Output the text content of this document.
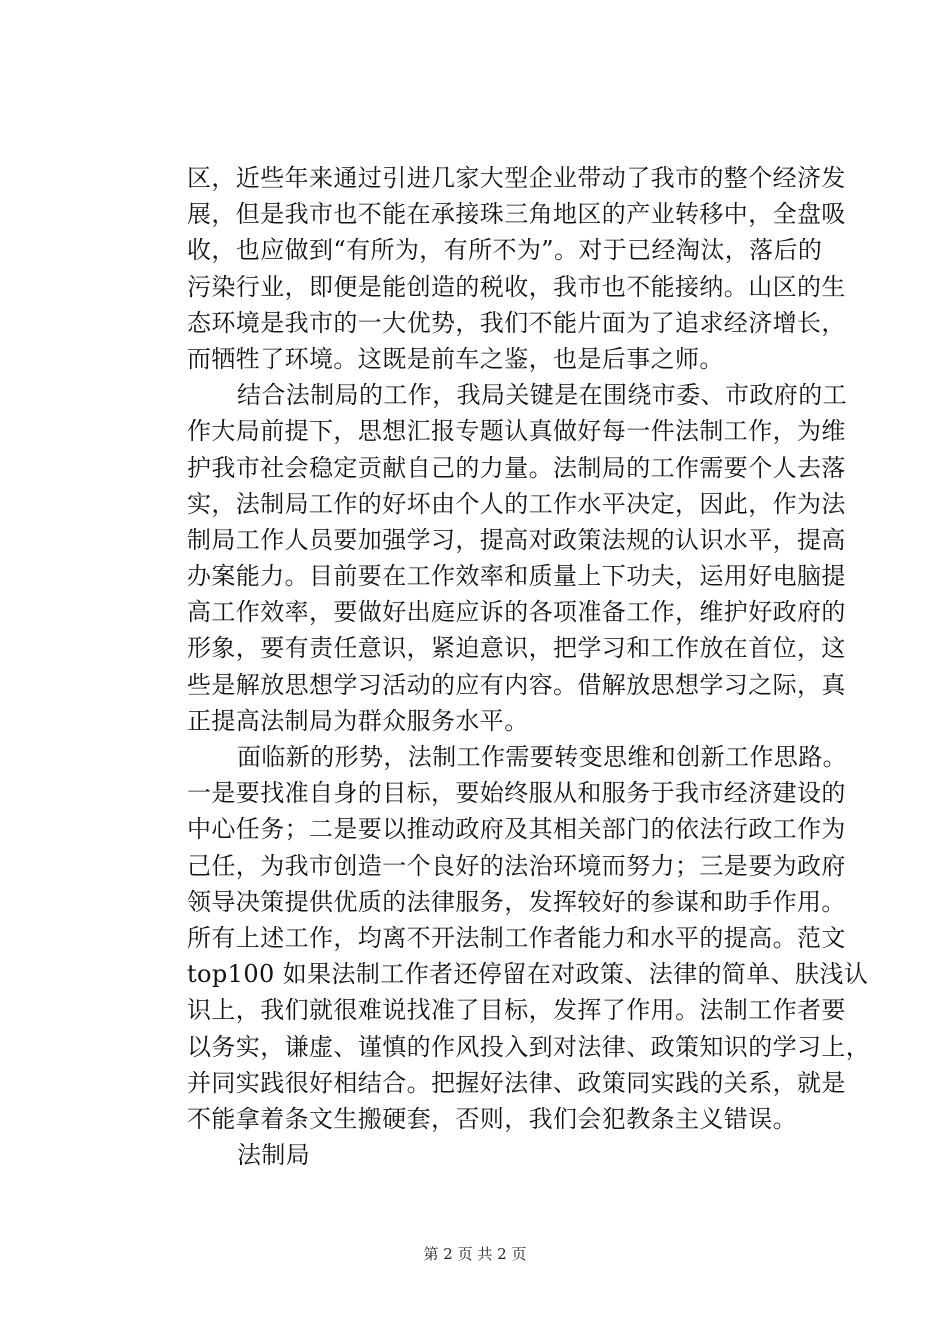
区，近些年来通过引进几家大型企业带动了我市的整个经济发
展，但是我市也不能在承接珠三角地区的产业转移中，全盘吸
收，也应做到“有所为，有所不为”。对于已经淘汰，落后的
污染行业，即便是能创造的税收，我市也不能接纳。山区的生
态环境是我市的一大优势，我们不能片面为了追求经济增长，
而牺牲了环境。这既是前车之鉴，也是后事之师。
结合法制局的工作，我局关键是在围绕市委、市政府的工
作大局前提下，思想汇报专题认真做好每一件法制工作，为维
护我市社会稳定贡献自己的力量。法制局的工作需要个人去落
实，法制局工作的好坏由个人的工作水平决定，因此，作为法
制局工作人员要加强学习，提高对政策法规的认识水平，提高
办案能力。目前要在工作效率和质量上下功夫，运用好电脑提
高工作效率，要做好出庭应诉的各项准备工作，维护好政府的
形象，要有责任意识，紧迫意识，把学习和工作放在首位，这
些是解放思想学习活动的应有内容。借解放思想学习之际，真
正提高法制局为群众服务水平。
面临新的形势，法制工作需要转变思维和创新工作思路。
一是要找准自身的目标，要始终服从和服务于我市经济建设的
中心任务；二是要以推动政府及其相关部门的依法行政工作为
己任，为我市创造一个良好的法治环境而努力；三是要为政府
领导决策提供优质的法律服务，发挥较好的参谋和助手作用。
所有上述工作，均离不开法制工作者能力和水平的提高。范文
top100 如果法制工作者还停留在对政策、法律的简单、肤浅认
识上，我们就很难说找准了目标，发挥了作用。法制工作者要
以务实，谦虚、谨慎的作风投入到对法律、政策知识的学习上，
并同实践很好相结合。把握好法律、政策同实践的关系，就是
不能拿着条文生搬硬套，否则，我们会犯教条主义错误。
法制局
第 2 页 共 2 页
